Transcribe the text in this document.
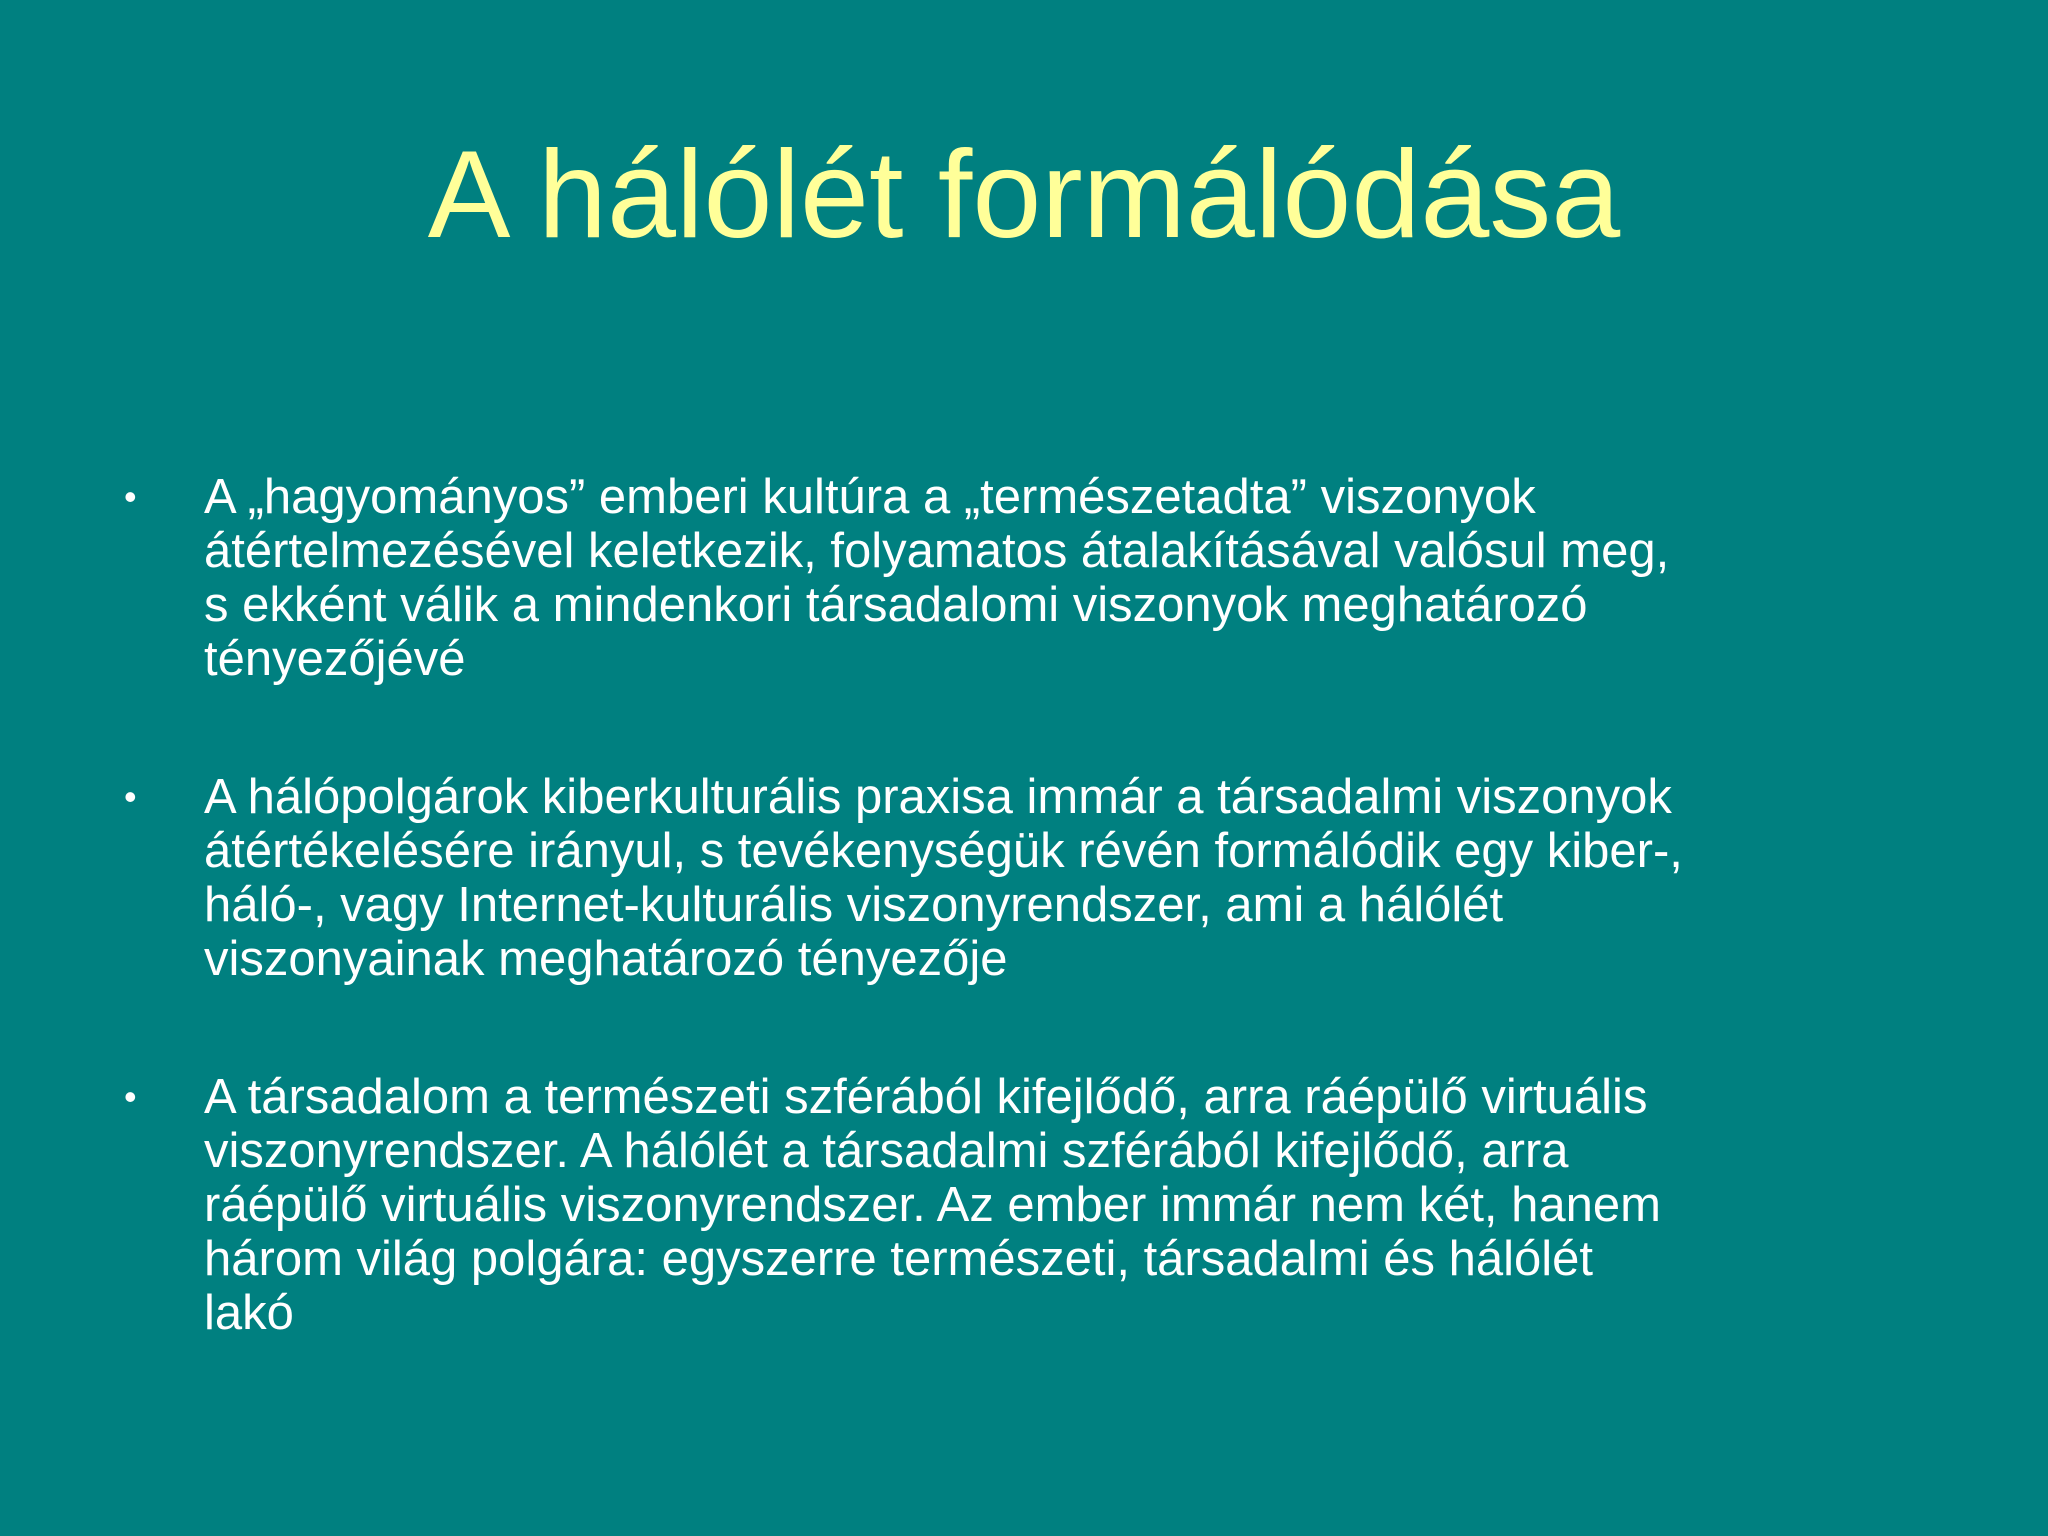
A hálólét formálódása
• A „hagyományos” emberi kultúra a „természetadta” viszonyok
átértelmezésével keletkezik, folyamatos átalakításával valósul meg,
s ekként válik a mindenkori társadalomi viszonyok meghatározó
tényezőjévé

• A hálópolgárok kiberkulturális praxisa immár a társadalmi viszonyok
átértékelésére irányul, s tevékenységük révén formálódik egy kiber-,
háló-, vagy Internet-kulturális viszonyrendszer, ami a hálólét
viszonyainak meghatározó tényezője

• A társadalom a természeti szférából kifejlődő, arra ráépülő virtuális
viszonyrendszer. A hálólét a társadalmi szférából kifejlődő, arra
ráépülő virtuális viszonyrendszer. Az ember immár nem két, hanem
három világ polgára: egyszerre természeti, társadalmi és hálólét
lakó
